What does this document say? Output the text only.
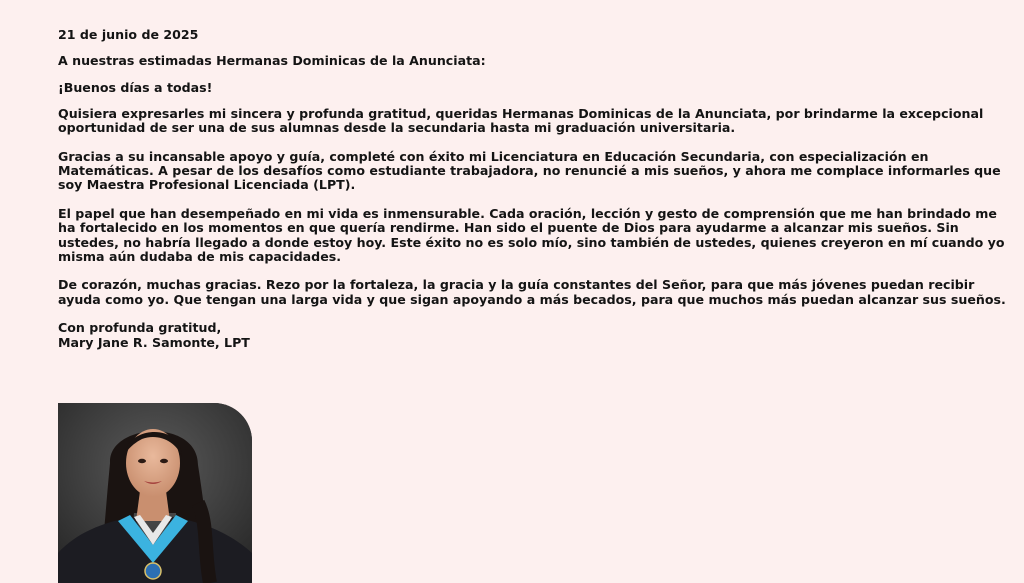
21 de junio de 2025

A nuestras estimadas Hermanas Dominicas de la Anunciata:

¡Buenos días a todas!

Quisiera expresarles mi sincera y profunda gratitud, queridas Hermanas Dominicas de la Anunciata, por brindarme la excepcional oportunidad de ser una de sus alumnas desde la secundaria hasta mi graduación universitaria.

Gracias a su incansable apoyo y guía, completé con éxito mi Licenciatura en Educación Secundaria, con especialización en Matemáticas. A pesar de los desafíos como estudiante trabajadora, no renuncié a mis sueños, y ahora me complace informarles que soy Maestra Profesional Licenciada (LPT).

El papel que han desempeñado en mi vida es inmensurable. Cada oración, lección y gesto de comprensión que me han brindado me ha fortalecido en los momentos en que quería rendirme. Han sido el puente de Dios para ayudarme a alcanzar mis sueños. Sin ustedes, no habría llegado a donde estoy hoy. Este éxito no es solo mío, sino también de ustedes, quienes creyeron en mí cuando yo misma aún dudaba de mis capacidades.

De corazón, muchas gracias. Rezo por la fortaleza, la gracia y la guía constantes del Señor, para que más jóvenes puedan recibir ayuda como yo. Que tengan una larga vida y que sigan apoyando a más becados, para que muchos más puedan alcanzar sus sueños.

Con profunda gratitud,
Mary Jane R. Samonte, LPT
